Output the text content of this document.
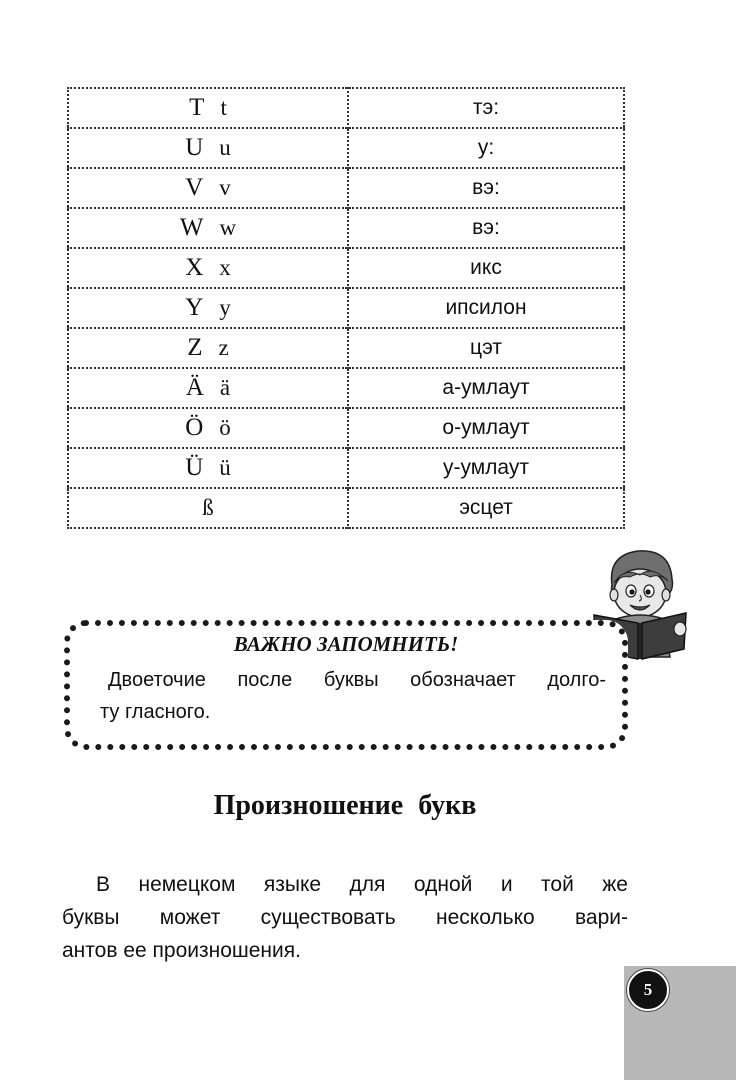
T t	тэ:
U u	у:
V v	вэ:
W w	вэ:
X x	икс
Y y	ипсилон
Z z	цэт
Ä ä	а-умлаут
Ö ö	о-умлаут
Ü ü	у-умлаут
ß	эсцет
ВАЖНО ЗАПОМНИТЬ!
Двоеточие после буквы обозначает долго-
ту гласного.
Произношение букв
В немецком языке для одной и той же
буквы может существовать несколько вари-
антов ее произношения.
5
